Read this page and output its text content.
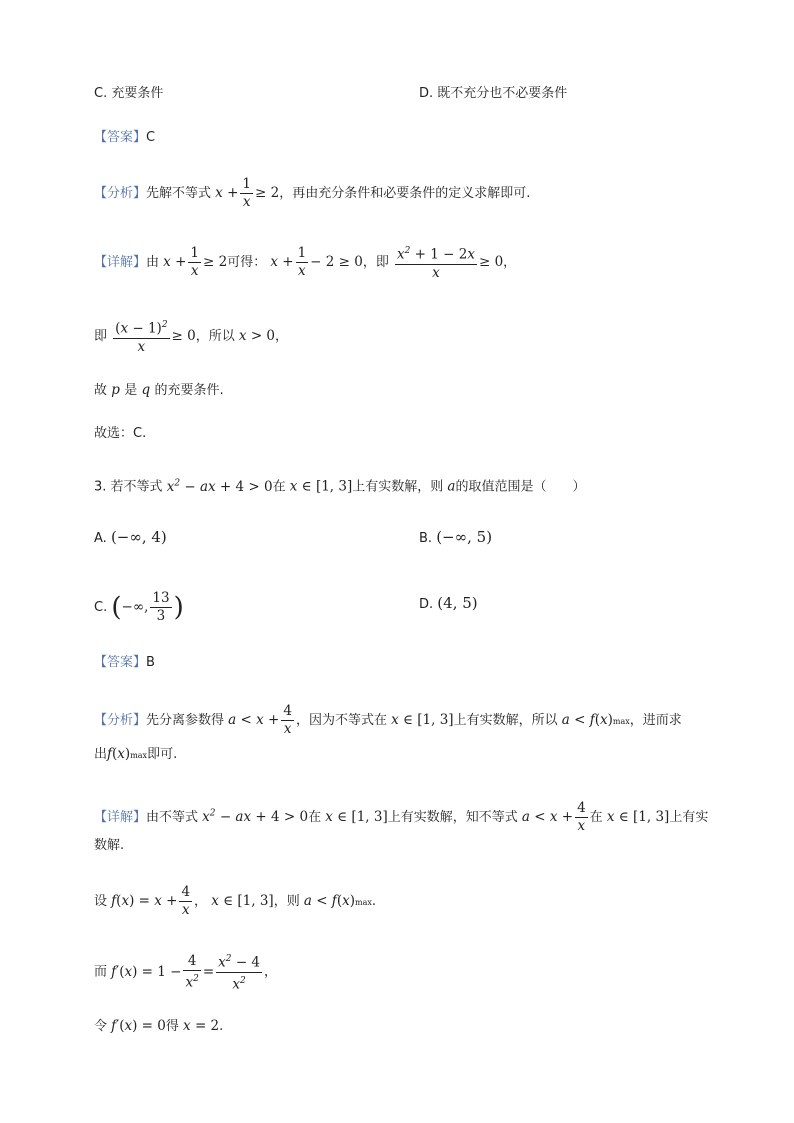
C. 充要条件	D. 既不充分也不必要条件
【答案】C
【分析】先解不等式 $x + \frac{1}{x} \ge 2$，再由充分条件和必要条件的定义求解即可.
【详解】由 $x + \frac{1}{x} \ge 2$可得： $x + \frac{1}{x} - 2 \ge 0$，即 $\frac{x^2 + 1 - 2x}{x} \ge 0$，
即 $\frac{(x - 1)^2}{x} \ge 0$，所以 x > 0，
故 p 是 q 的充要条件.
故选：C.
3. 若不等式 $x^2$ − ax + 4 > 0在 x ∈ [1, 3]上有实数解，则 a的取值范围是（　　）
A. (−∞, 4)	B. (−∞, 5)
C. (−∞, $\frac{13}{3}$ )	D. (4, 5)
【答案】B
【分析】先分离参数得 $a < x + \frac{4}{x}$ ，因为不等式在 x ∈ [1, 3]上有实数解，所以 a < f(x)max，进而求
出f(x)max即可.
【详解】由不等式 $x^2$ − ax + 4 > 0在 x ∈ [1, 3]上有实数解，知不等式 $a < x + \frac{4}{x}$ 在 x ∈ [1, 3]上有实
数解.
设 $f(x) = x + \frac{4}{x}$ ， x ∈ [1, 3]，则 a < f(x)max.
而 $f'(x) = 1 - \frac{4}{x^2} = \frac{x^2 - 4}{x^2}$ ，
令 f′(x) = 0得 x = 2.
